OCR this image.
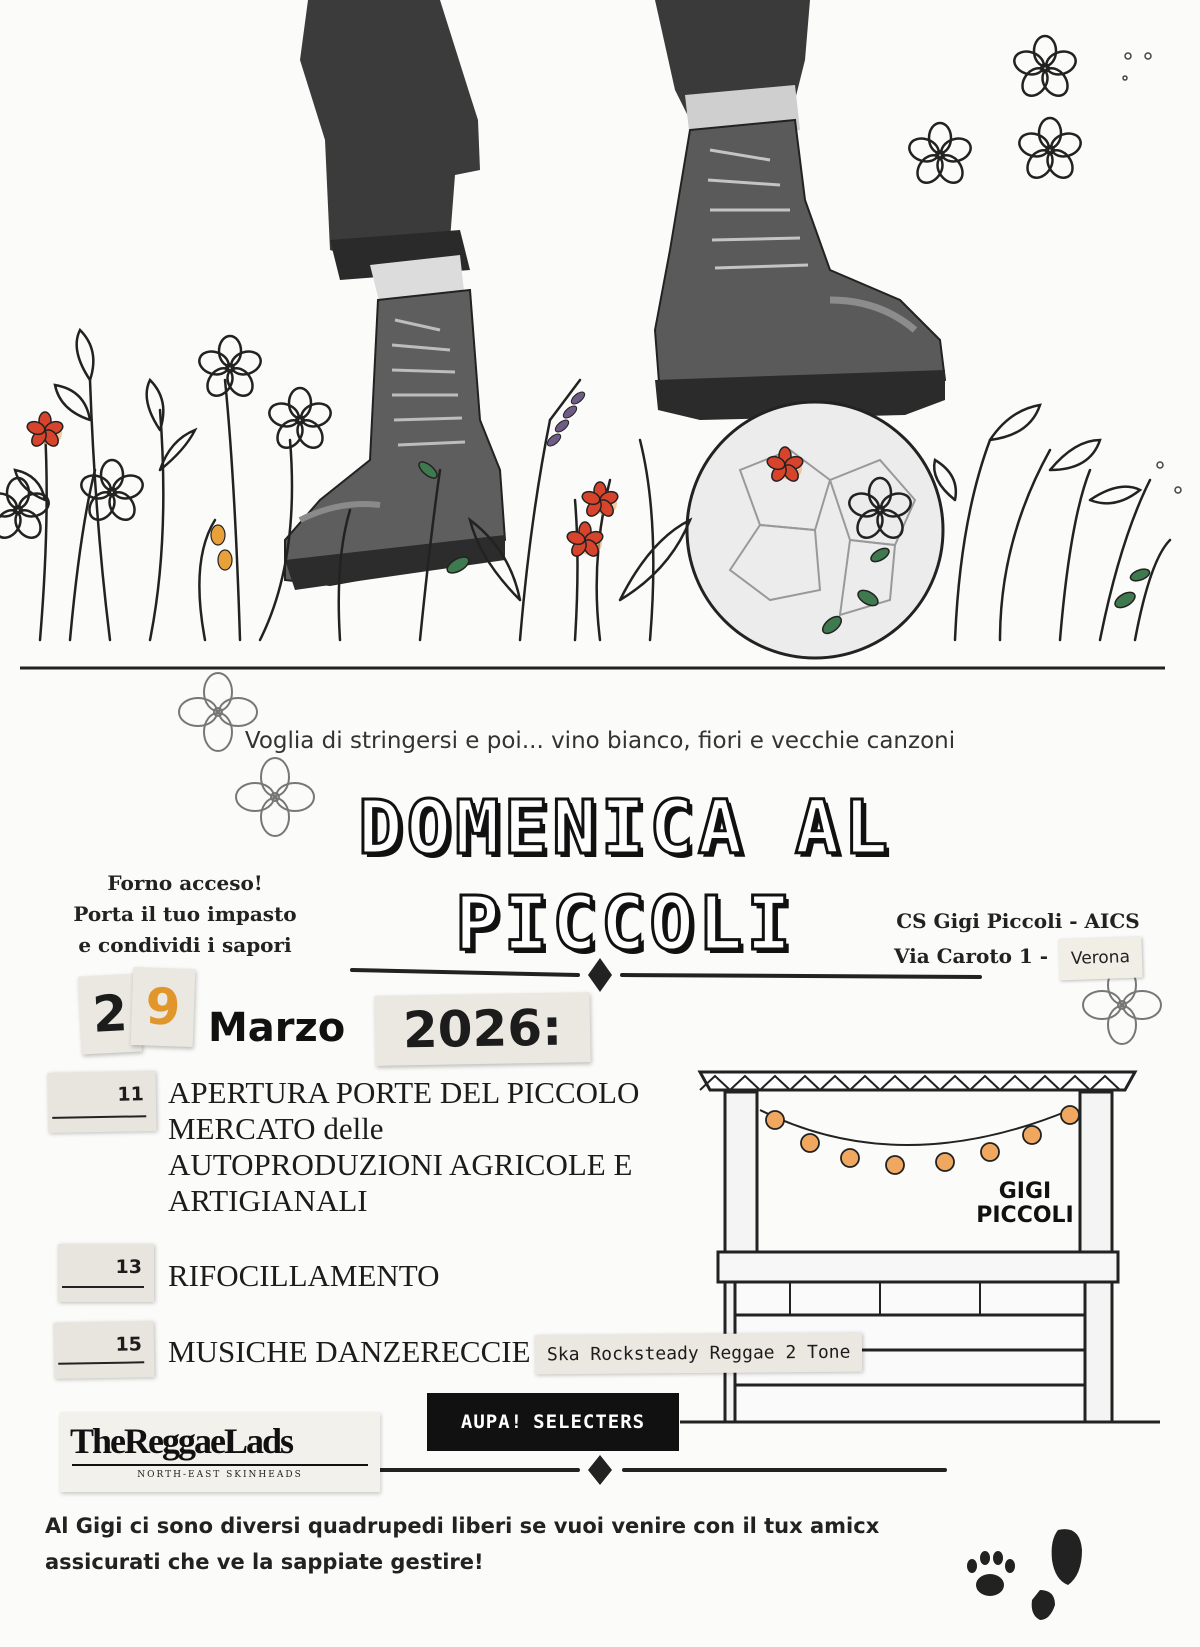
Voglia di stringersi e poi... vino bianco, fiori e vecchie canzoni
DOMENICA AL
PICCOLI
Forno acceso!
Porta il tuo impasto
e condividi i sapori
CS Gigi Piccoli - AICS
Via Caroto 1 - Verona
2 9 Marzo	2026:
11 APERTURA PORTE DEL PICCOLO
MERCATO delle
AUTOPRODUZIONI AGRICOLE E
ARTIGIANALI
13 RIFOCILLAMENTO
15 MUSICHE DANZERECCIE Ska Rocksteady Reggae 2 Tone
GIGI
PICCOLI
AUPA! SELECTERS
TheReggaeLads
NORTH-EAST SKINHEADS
Al Gigi ci sono diversi quadrupedi liberi se vuoi venire con il tux amicx
assicurati che ve la sappiate gestire!
